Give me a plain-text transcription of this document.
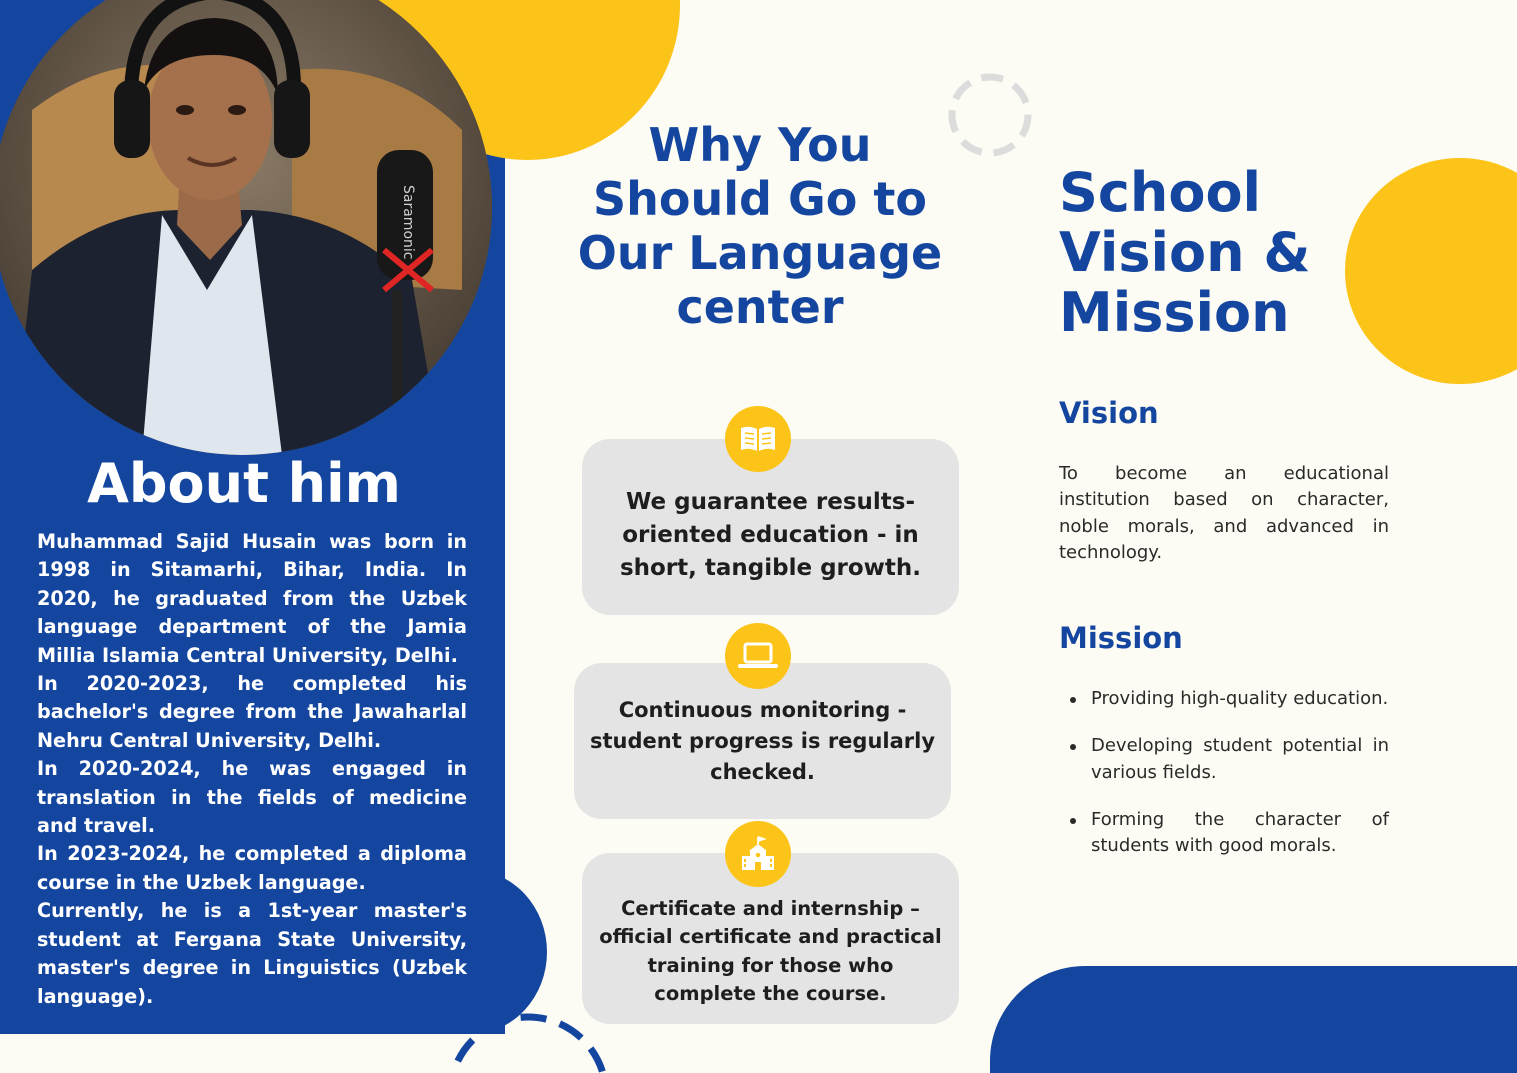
Saramonic
About him

Muhammad Sajid Husain was born in 1998 in Sitamarhi, Bihar, India. In 2020, he graduated from the Uzbek language department of the Jamia Millia Islamia Central University, Delhi.

In 2020-2023, he completed his bachelor's degree from the Jawaharlal Nehru Central University, Delhi.

In 2020-2024, he was engaged in translation in the fields of medicine and travel.

In 2023-2024, he completed a diploma course in the Uzbek language.

Currently, he is a 1st-year master's student at Fergana State University, master's degree in Linguistics (Uzbek language).

Why You
Should Go to
Our Language
center
We guarantee results-oriented education - in short, tangible growth.
Continuous monitoring - student progress is regularly checked.
Certificate and internship – official certificate and practical training for those who complete the course.
School
Vision &
Mission
Vision
To become an educational institution based on character, noble morals, and advanced in technology.
Mission
Providing high-quality education.
Developing student potential in various fields.
Forming the character of students with good morals.
